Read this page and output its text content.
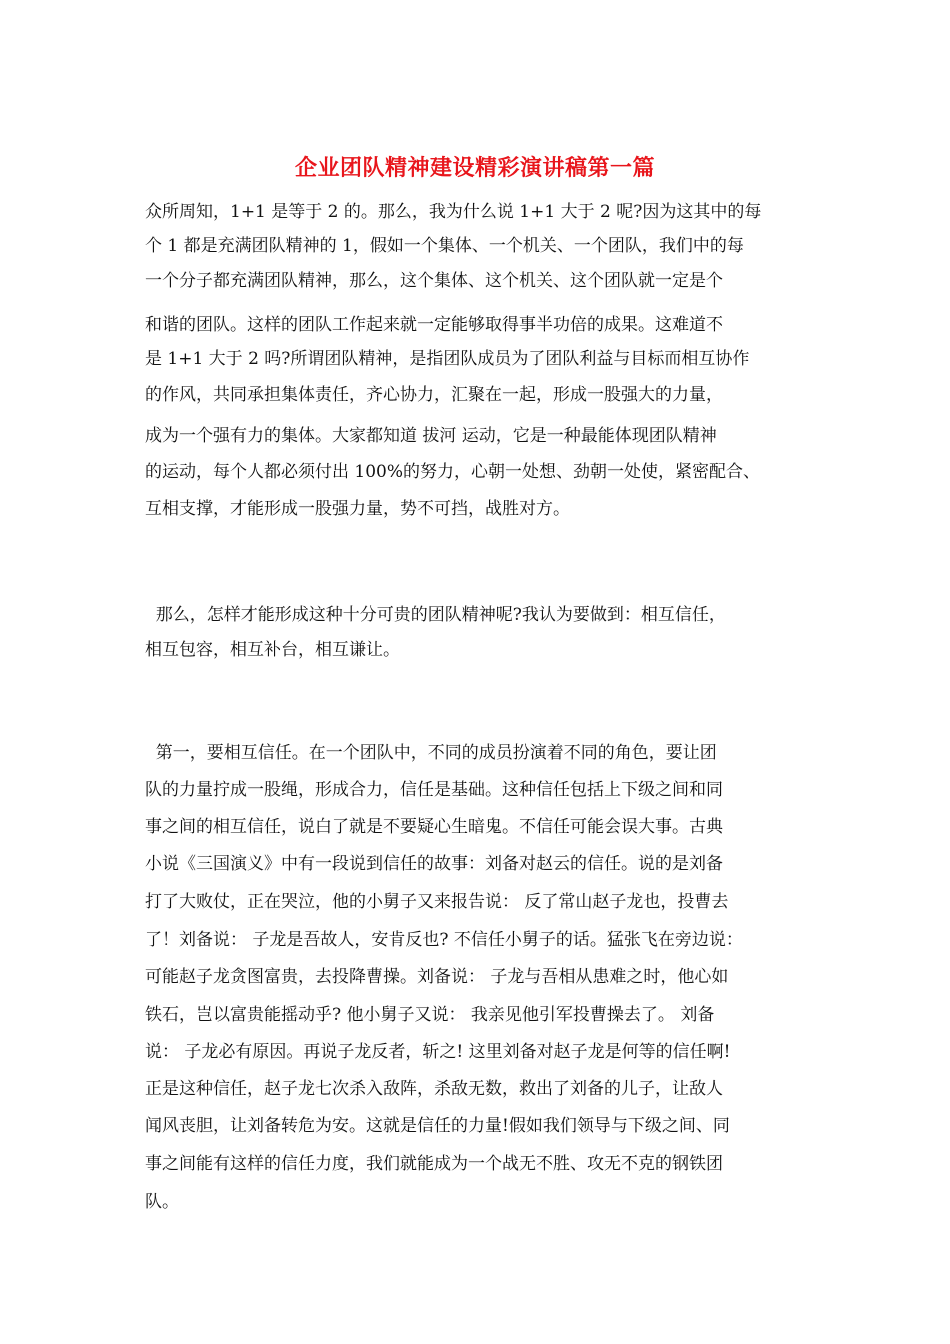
企业团队精神建设精彩演讲稿第一篇
众所周知，1+1 是等于 2 的。那么，我为什么说 1+1 大于 2 呢?因为这其中的每
个 1 都是充满团队精神的 1，假如一个集体、一个机关、一个团队，我们中的每
一个分子都充满团队精神，那么，这个集体、这个机关、这个团队就一定是个
和谐的团队。这样的团队工作起来就一定能够取得事半功倍的成果。这难道不
是 1+1 大于 2 吗?所谓团队精神，是指团队成员为了团队利益与目标而相互协作
的作风，共同承担集体责任，齐心协力，汇聚在一起，形成一股强大的力量，
成为一个强有力的集体。大家都知道 拔河 运动，它是一种最能体现团队精神
的运动，每个人都必须付出 100%的努力，心朝一处想、劲朝一处使，紧密配合、
互相支撑，才能形成一股强力量，势不可挡，战胜对方。
那么，怎样才能形成这种十分可贵的团队精神呢?我认为要做到：相互信任，
相互包容，相互补台，相互谦让。
第一，要相互信任。在一个团队中，不同的成员扮演着不同的角色，要让团
队的力量拧成一股绳，形成合力，信任是基础。这种信任包括上下级之间和同
事之间的相互信任，说白了就是不要疑心生暗鬼。不信任可能会误大事。古典
小说《三国演义》中有一段说到信任的故事：刘备对赵云的信任。说的是刘备
打了大败仗，正在哭泣，他的小舅子又来报告说： 反了常山赵子龙也，投曹去
了！刘备说： 子龙是吾故人，安肯反也? 不信任小舅子的话。猛张飞在旁边说：
可能赵子龙贪图富贵，去投降曹操。刘备说： 子龙与吾相从患难之时，他心如
铁石，岂以富贵能摇动乎? 他小舅子又说： 我亲见他引军投曹操去了。 刘备
说： 子龙必有原因。再说子龙反者，斩之! 这里刘备对赵子龙是何等的信任啊!
正是这种信任，赵子龙七次杀入敌阵，杀敌无数，救出了刘备的儿子，让敌人
闻风丧胆，让刘备转危为安。这就是信任的力量!假如我们领导与下级之间、同
事之间能有这样的信任力度，我们就能成为一个战无不胜、攻无不克的钢铁团
队。
